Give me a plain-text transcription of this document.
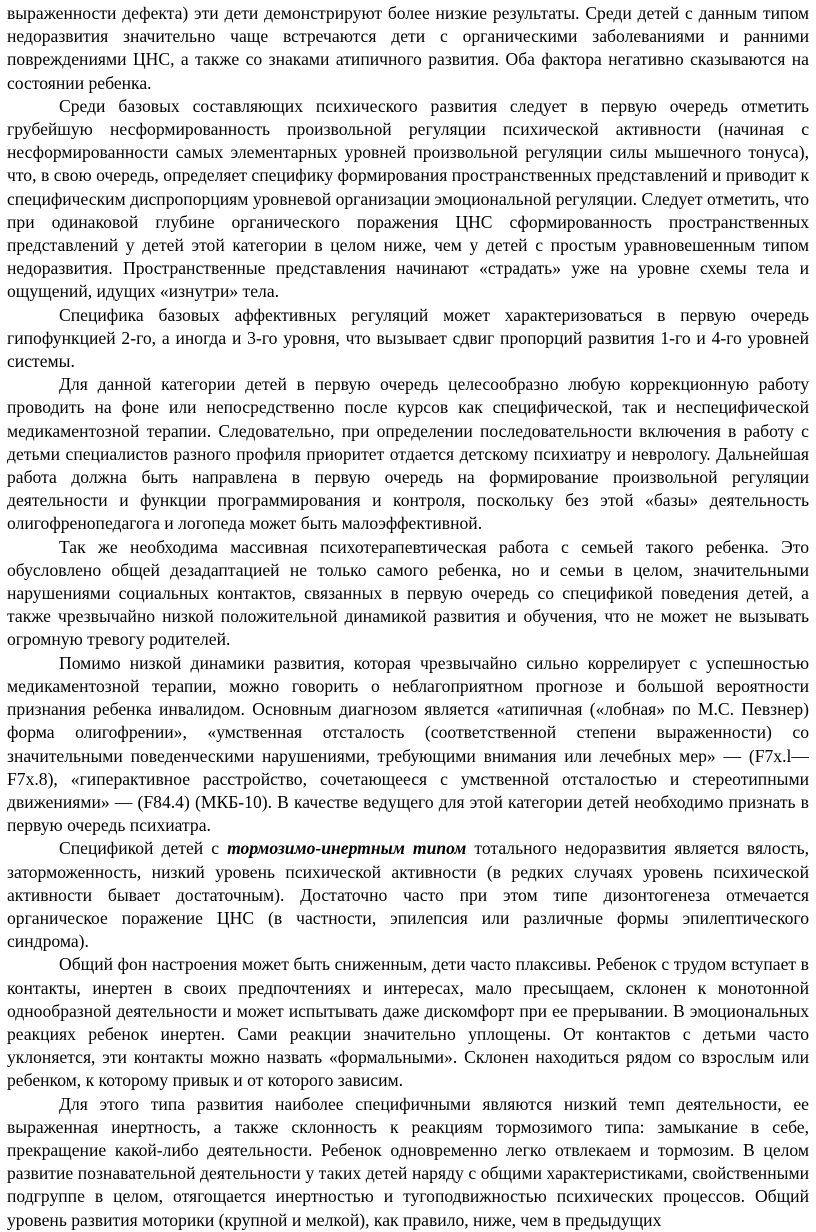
выраженности дефекта) эти дети демонстрируют более низкие результаты. Среди детей с данным типом недоразвития значительно чаще встречаются дети с органическими заболеваниями и ранними повреждениями ЦНС, а также со знаками атипичного развития. Оба фактора негативно сказываются на состоянии ребенка.

Среди базовых составляющих психического развития следует в первую очередь отметить грубейшую несформированность произвольной регуляции психической активности (начиная с несформированности самых элементарных уровней произвольной регуляции силы мышечного тонуса), что, в свою очередь, определяет специфику формирования пространственных представлений и приводит к специфическим диспропорциям уровневой организации эмоциональной регуляции. Следует отметить, что при одинаковой глубине органического поражения ЦНС сформированность пространственных представлений у детей этой категории в целом ниже, чем у детей с простым уравновешенным типом недоразвития. Пространственные представления начинают «страдать» уже на уровне схемы тела и ощущений, идущих «изнутри» тела.

Специфика базовых аффективных регуляций может характеризоваться в первую очередь гипофункцией 2-го, а иногда и 3-го уровня, что вызывает сдвиг пропорций развития 1-го и 4-го уровней системы.

Для данной категории детей в первую очередь целесообразно любую коррекционную работу проводить на фоне или непосредственно после курсов как специфической, так и неспецифической медикаментозной терапии. Следовательно, при определении последовательности включения в работу с детьми специалистов разного профиля приоритет отдается детскому психиатру и неврологу. Дальнейшая работа должна быть направлена в первую очередь на формирование произвольной регуляции деятельности и функции программирования и контроля, поскольку без этой «базы» деятельность олигофренопедагога и логопеда может быть малоэффективной.

Так же необходима массивная психотерапевтическая работа с семьей такого ребенка. Это обусловлено общей дезадаптацией не только самого ребенка, но и семьи в целом, значительными нарушениями социальных контактов, связанных в первую очередь со спецификой поведения детей, а также чрезвычайно низкой положительной динамикой развития и обучения, что не может не вызывать огромную тревогу родителей.

Помимо низкой динамики развития, которая чрезвычайно сильно коррелирует с успешностью медикаментозной терапии, можно говорить о неблагоприятном прогнозе и большой вероятности признания ребенка инвалидом. Основным диагнозом является «атипичная («лобная» по М.С. Певзнер) форма олигофрении», «умственная отсталость (соответственной степени выраженности) со значительными поведенческими нарушениями, требующими внимания или лечебных мер» — (F7x.l—F7x.8), «гиперактивное расстройство, сочетающееся с умственной отсталостью и стереотипными движениями» — (F84.4) (МКБ-10). В качестве ведущего для этой категории детей необходимо признать в первую очередь психиатра.

Спецификой детей с тормозимо-инертным типом тотального недоразвития является вялость, заторможенность, низкий уровень психической активности (в редких случаях уровень психической активности бывает достаточным). Достаточно часто при этом типе дизонтогенеза отмечается органическое поражение ЦНС (в частности, эпилепсия или различные формы эпилептического синдрома).

Общий фон настроения может быть сниженным, дети часто плаксивы. Ребенок с трудом вступает в контакты, инертен в своих предпочтениях и интересах, мало пресыщаем, склонен к монотонной однообразной деятельности и может испытывать даже дискомфорт при ее прерывании. В эмоциональных реакциях ребенок инертен. Сами реакции значительно уплощены. От контактов с детьми часто уклоняется, эти контакты можно назвать «формальными». Склонен находиться рядом со взрослым или ребенком, к которому привык и от которого зависим.

Для этого типа развития наиболее специфичными являются низкий темп деятельности, ее выраженная инертность, а также склонность к реакциям тормозимого типа: замыкание в себе, прекращение какой-либо деятельности. Ребенок одновременно легко отвлекаем и тормозим. В целом развитие познавательной деятельности у таких детей наряду с общими характеристиками, свойственными подгруппе в целом, отягощается инертностью и тугоподвижностью психических процессов. Общий уровень развития моторики (крупной и мелкой), как правило, ниже, чем в предыдущих
